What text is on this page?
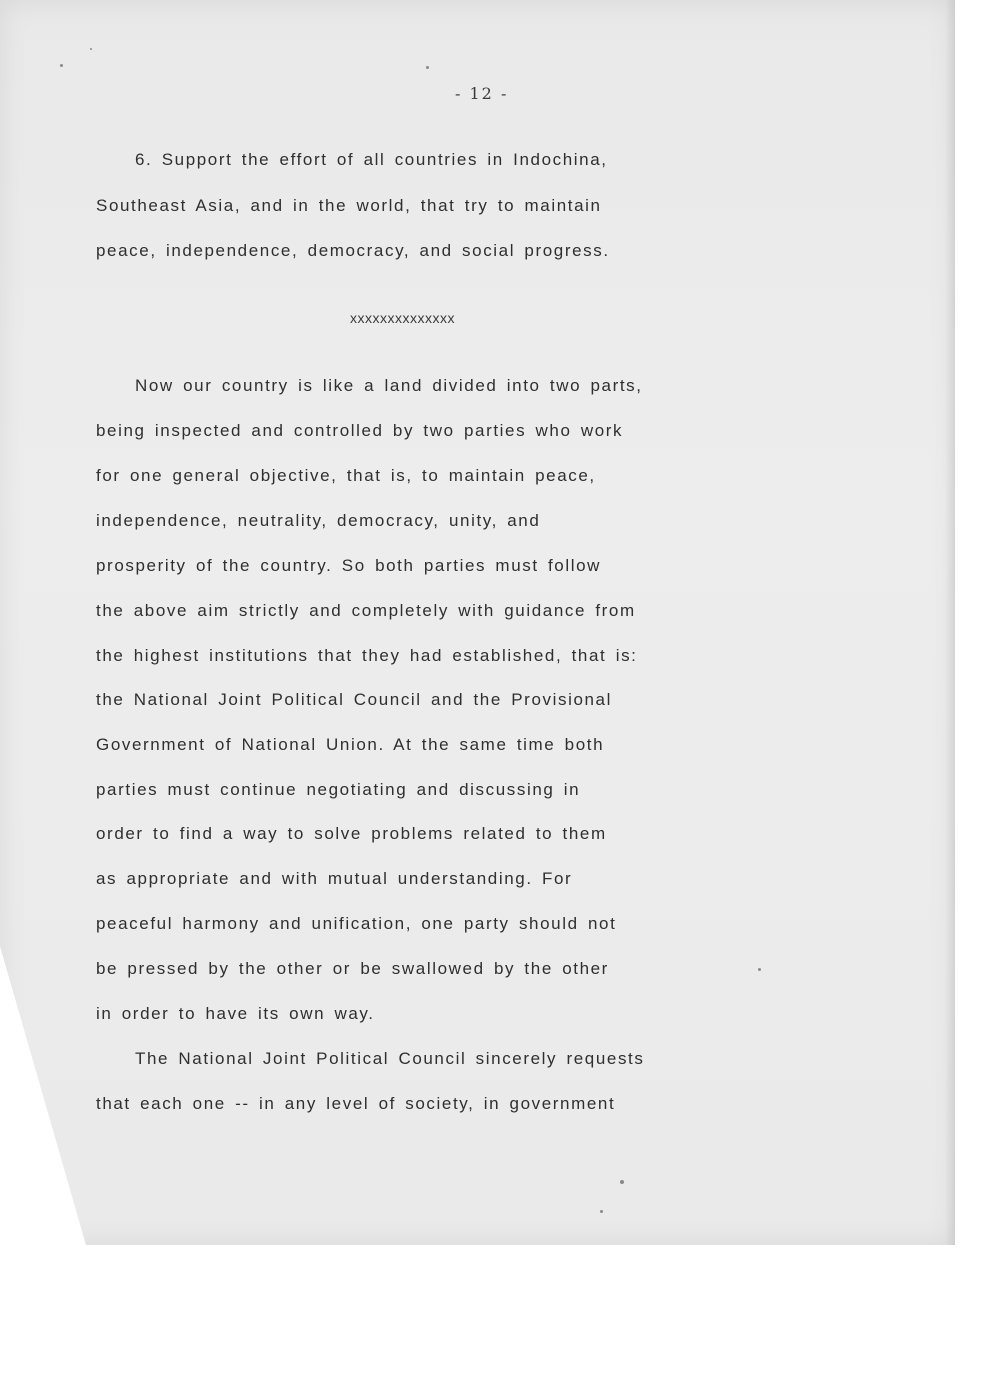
- 12 -
6. Support the effort of all countries in Indochina,
Southeast Asia, and in the world, that try to maintain
peace, independence, democracy, and social progress.
xxxxxxxxxxxxxx
Now our country is like a land divided into two parts,
being inspected and controlled by two parties who work
for one general objective, that is, to maintain peace,
independence, neutrality, democracy, unity, and
prosperity of the country. So both parties must follow
the above aim strictly and completely with guidance from
the highest institutions that they had established, that is:
the National Joint Political Council and the Provisional
Government of National Union. At the same time both
parties must continue negotiating and discussing in
order to find a way to solve problems related to them
as appropriate and with mutual understanding. For
peaceful harmony and unification, one party should not
be pressed by the other or be swallowed by the other
in order to have its own way.
The National Joint Political Council sincerely requests
that each one -- in any level of society, in government
